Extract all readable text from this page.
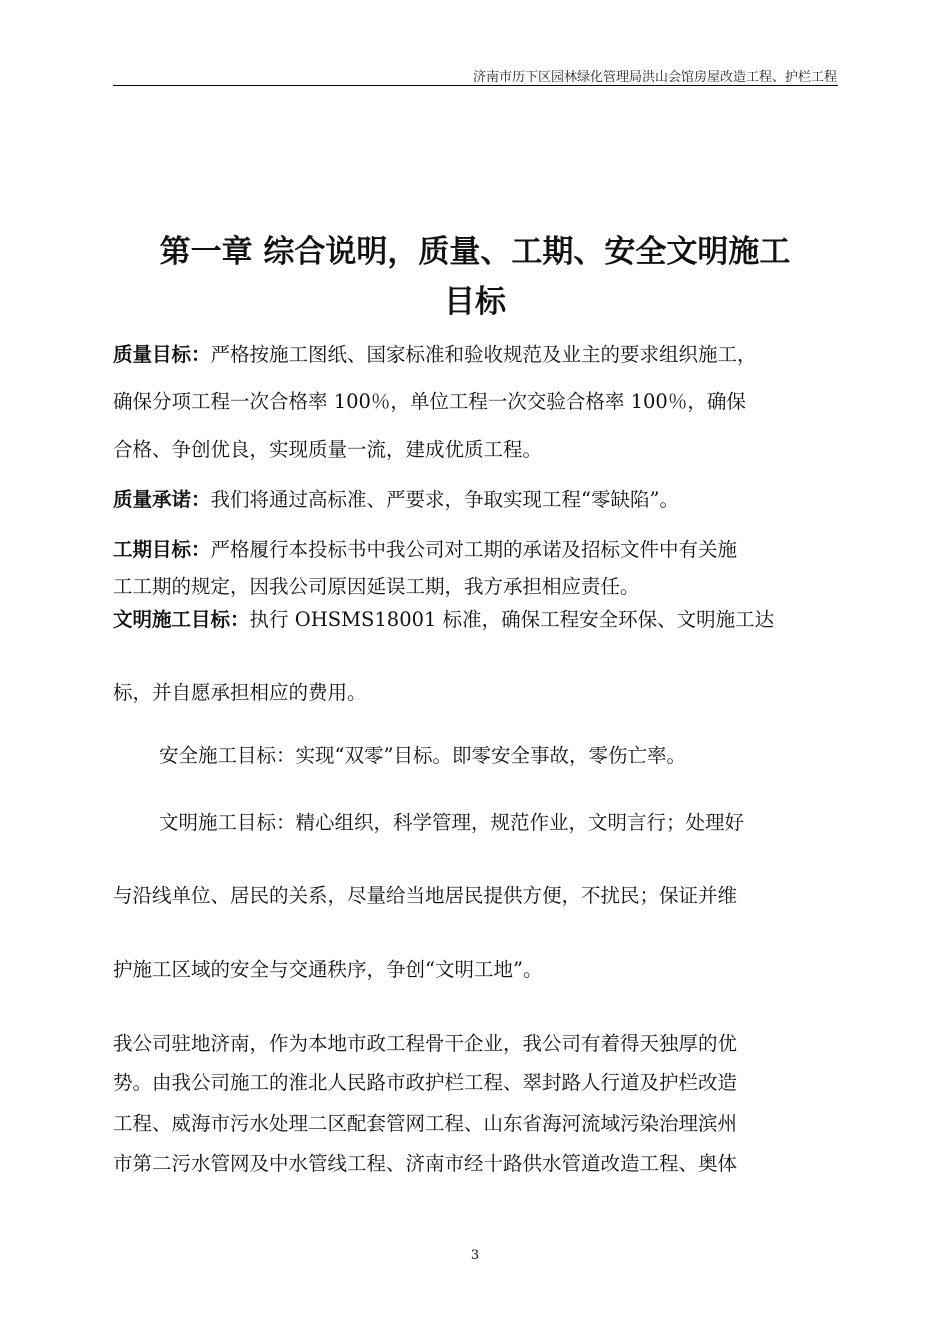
济南市历下区园林绿化管理局洪山会馆房屋改造工程、护栏工程
第一章 综合说明，质量、工期、安全文明施工
目标
质量目标：严格按施工图纸、国家标准和验收规范及业主的要求组织施工，
确保分项工程一次合格率 100％，单位工程一次交验合格率 100％，确保
合格、争创优良，实现质量一流，建成优质工程。
质量承诺：我们将通过高标准、严要求，争取实现工程“零缺陷”。
工期目标：严格履行本投标书中我公司对工期的承诺及招标文件中有关施
工工期的规定，因我公司原因延误工期，我方承担相应责任。
文明施工目标：执行 OHSMS18001 标准，确保工程安全环保、文明施工达
标，并自愿承担相应的费用。
安全施工目标：实现“双零”目标。即零安全事故，零伤亡率。
文明施工目标：精心组织，科学管理，规范作业，文明言行；处理好
与沿线单位、居民的关系，尽量给当地居民提供方便，不扰民；保证并维
护施工区域的安全与交通秩序，争创“文明工地”。
我公司驻地济南，作为本地市政工程骨干企业，我公司有着得天独厚的优
势。由我公司施工的淮北人民路市政护栏工程、翠封路人行道及护栏改造
工程、威海市污水处理二区配套管网工程、山东省海河流域污染治理滨州
市第二污水管网及中水管线工程、济南市经十路供水管道改造工程、奥体
3
